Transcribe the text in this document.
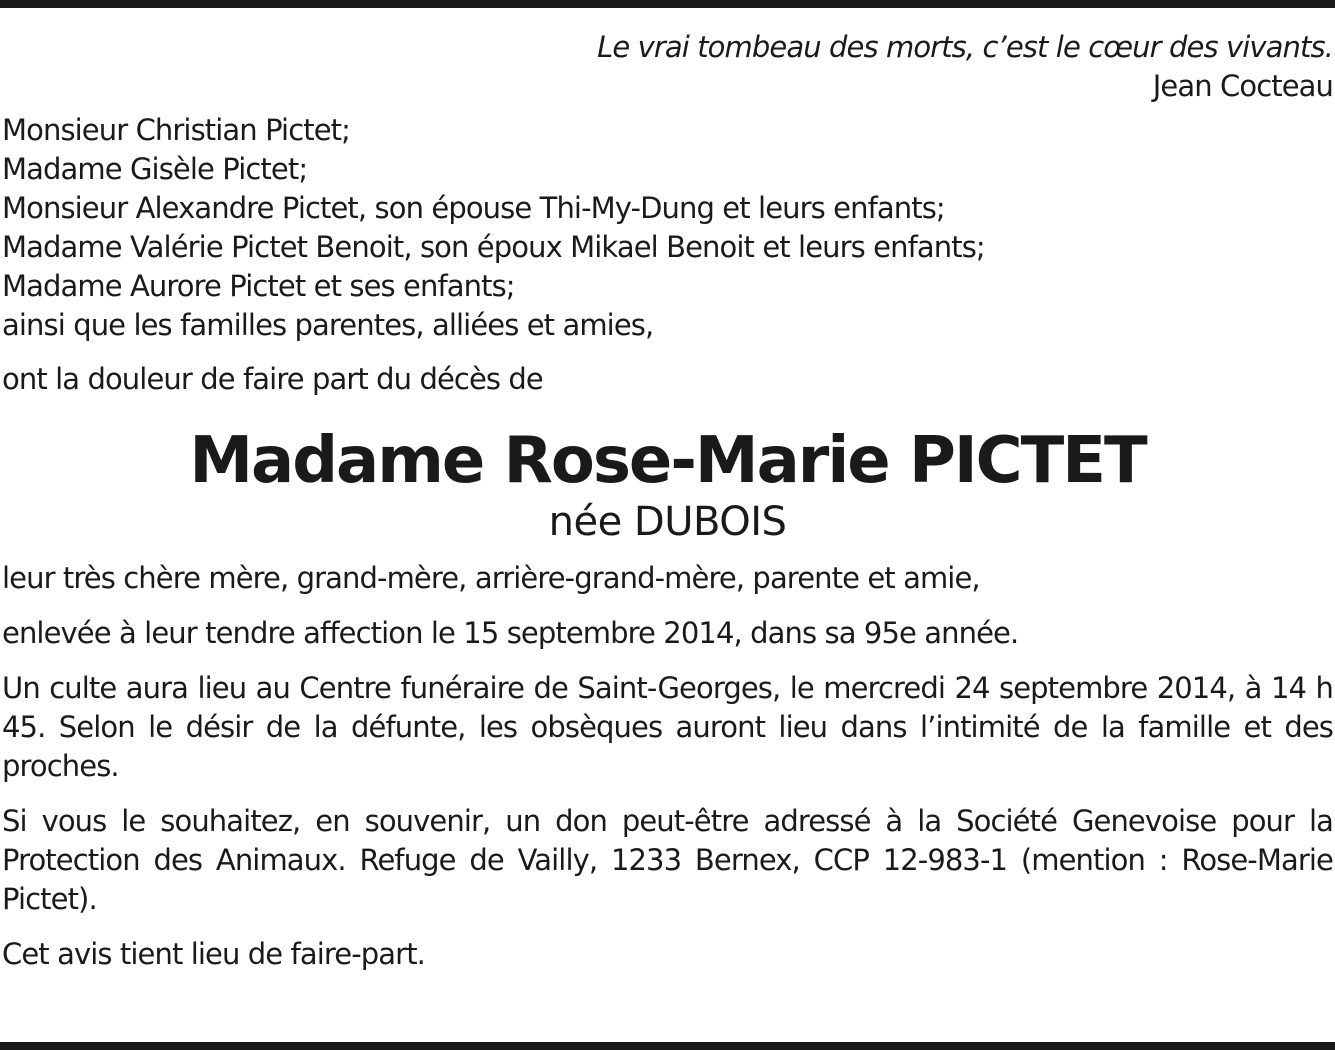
Le vrai tombeau des morts, c’est le cœur des vivants.
Jean Cocteau
Monsieur Christian Pictet;
Madame Gisèle Pictet;
Monsieur Alexandre Pictet, son épouse Thi-My-Dung et leurs enfants;
Madame Valérie Pictet Benoit, son époux Mikael Benoit et leurs enfants;
Madame Aurore Pictet et ses enfants;
ainsi que les familles parentes, alliées et amies,
ont la douleur de faire part du décès de
Madame Rose-Marie PICTET
née DUBOIS
leur très chère mère, grand-mère, arrière-grand-mère, parente et amie,
enlevée à leur tendre affection le 15 septembre 2014, dans sa 95e année.
Un culte aura lieu au Centre funéraire de Saint-Georges, le mercredi 24 septembre 2014, à 14 h 45. Selon le désir de la défunte, les obsèques auront lieu dans l’intimité de la famille et des proches.
Si vous le souhaitez, en souvenir, un don peut-être adressé à la Société Genevoise pour la Protection des Animaux. Refuge de Vailly, 1233 Bernex, CCP 12-983-1 (mention : Rose-Marie Pictet).
Cet avis tient lieu de faire-part.
